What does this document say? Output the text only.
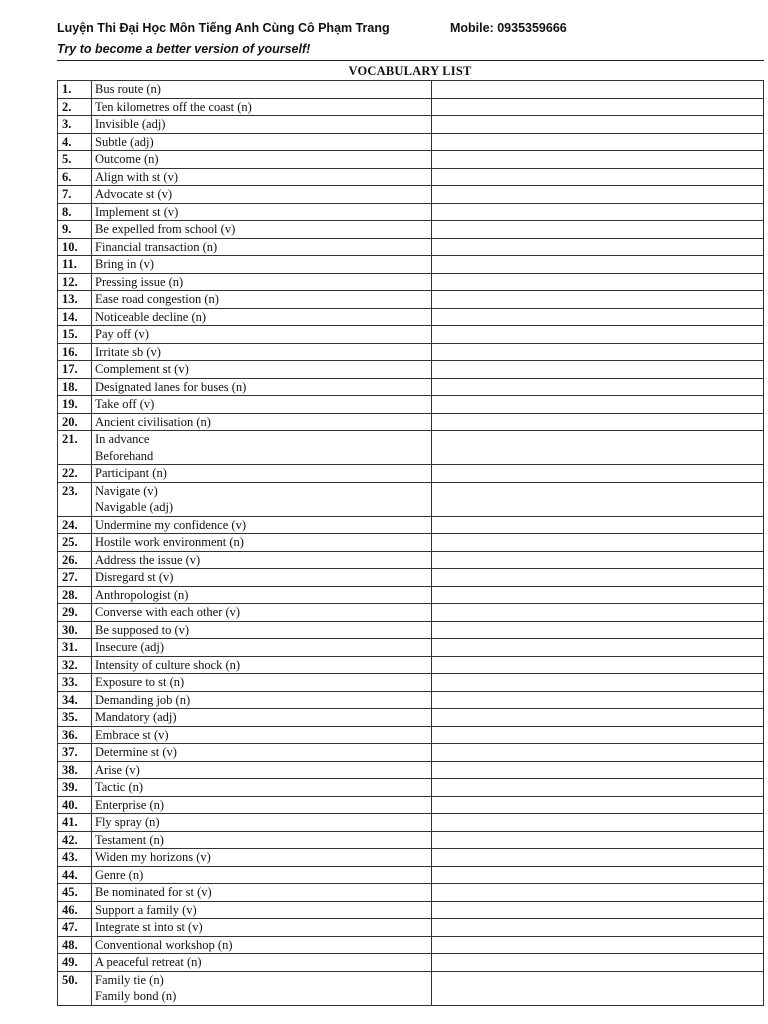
Luyện Thi Đại Học Môn Tiếng Anh Cùng Cô Phạm Trang	Mobile: 0935359666
Try to become a better version of yourself!
VOCABULARY LIST
1.	Bus route (n)	

2.	Ten kilometres off the coast (n)	

3.	Invisible (adj)	

4.	Subtle (adj)	

5.	Outcome (n)	

6.	Align with st (v)	

7.	Advocate st (v)	

8.	Implement st (v)	

9.	Be expelled from school (v)	

10.	Financial transaction (n)	

11.	Bring in (v)	

12.	Pressing issue (n)	

13.	Ease road congestion (n)	

14.	Noticeable decline (n)	

15.	Pay off (v)	

16.	Irritate sb (v)	

17.	Complement st (v)	

18.	Designated lanes for buses (n)	

19.	Take off (v)	

20.	Ancient civilisation (n)	

21.	In advance
Beforehand	

22.	Participant (n)	

23.	Navigate (v)
Navigable (adj)	

24.	Undermine my confidence (v)	

25.	Hostile work environment (n)	

26.	Address the issue (v)	

27.	Disregard st (v)	

28.	Anthropologist (n)	

29.	Converse with each other (v)	

30.	Be supposed to (v)	

31.	Insecure (adj)	

32.	Intensity of culture shock (n)	

33.	Exposure to st (n)	

34.	Demanding job (n)	

35.	Mandatory (adj)	

36.	Embrace st (v)	

37.	Determine st (v)	

38.	Arise (v)	

39.	Tactic (n)	

40.	Enterprise (n)	

41.	Fly spray (n)	

42.	Testament (n)	

43.	Widen my horizons (v)	

44.	Genre (n)	

45.	Be nominated for st (v)	

46.	Support a family (v)	

47.	Integrate st into st (v)	

48.	Conventional workshop (n)	

49.	A peaceful retreat (n)	

50.	Family tie (n)
Family bond (n)	
